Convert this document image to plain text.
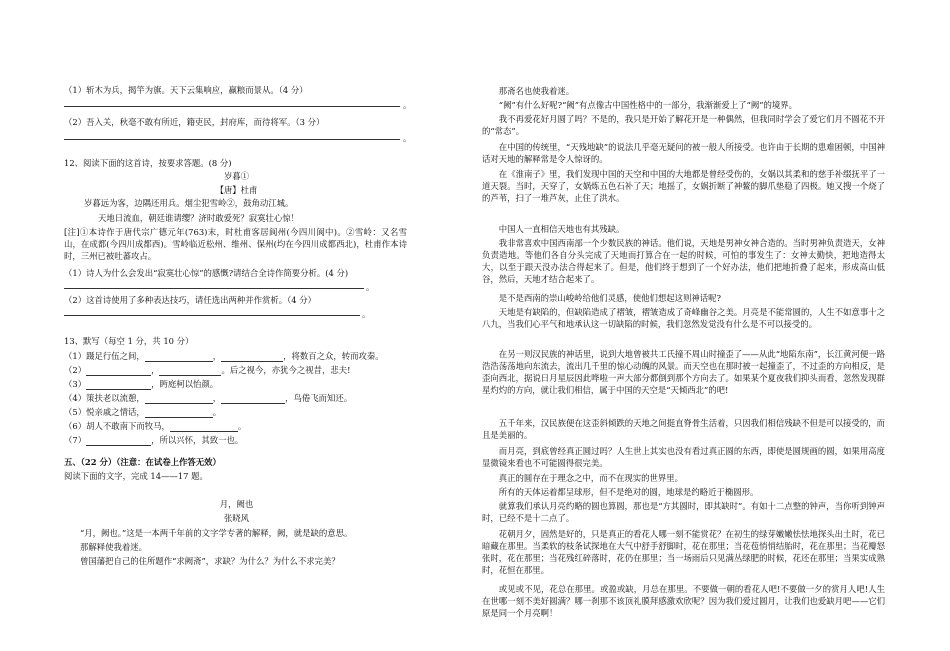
（1）斩木为兵，揭竿为旗。天下云集响应，赢粮而景从。（4 分）
。
（2）吾入关，秋毫不敢有所近，籍吏民，封府库，而待将军。（3 分）
。
12、阅读下面的这首诗，按要求答题。(8 分)
岁暮①
【唐】杜甫
岁暮远为客，边隅还用兵。烟尘犯雪岭②，鼓角动江城。
天地日流血，朝廷谁请缨？济时敢爱死？寂寞壮心惊！
[注]①本诗作于唐代宗广德元年(763)末，时杜甫客居阆州(今四川阆中)。②雪岭：又名雪山，在成都(今四川成都西)。雪岭临近松州、维州、保州(均在今四川成都西北)，杜甫作本诗时，三州已被吐蕃攻占。
（1）诗人为什么会发出“寂寞壮心惊”的感慨?请结合全诗作简要分析。(4 分)
。
（2）这首诗使用了多种表达技巧，请任选出两种并作赏析。（4 分）
。
13、默写（每空 1 分，共 10 分）
（1）蹑足行伍之间，	，	，将数百之众，转而攻秦。
（2）	，	。后之视今，亦犹今之视昔，悲夫!
（3）	，眄庭柯以怡颜。
（4）策扶老以流憩，	，	，鸟倦飞而知还。
（5）悦亲戚之情话，	。
（6）胡人不敢南下而牧马，	。
（7）	，所以兴怀，其致一也。
五、（22 分）（注意：在试卷上作答无效）
阅读下面的文字，完成 14——17 题。
月，阙也
张晓风
“月，阙也。”这是一本两千年前的文字学专著的解释，阙，就是缺的意思。
那解释使我着迷。
曾国藩把自己的住所题作“求阙斋”，求缺？为什么？为什么不求完美？
那斋名也使我着迷。
“阙”有什么好呢?“阙”有点像古中国性格中的一部分，我渐渐爱上了“阙”的境界。
我不再爱花好月圆了吗？不是的，我只是开始了解花开是一种偶然，但我同时学会了爱它们月不圆花不开的“常态”。
在中国的传统里，“天残地缺”的说法几乎毫无疑问的被一般人所接受。也许由于长期的患难困顿，中国神话对天地的解释常是令人惊讶的。
在《淮南子》里，我们发现中国的天空和中国的大地都是曾经受伤的，女娲以其柔和的慈手补缀抚平了一道天裂。当时，天穿了，女娲炼五色石补了天；地摇了，女娲折断了神鳌的脚爪垫稳了四极。她又搜一个烧了的芦苇，扫了一堆芦灰，止住了洪水。
中国人一直相信天地也有其残缺。
我非常喜欢中国西南部一个少数民族的神话。他们说，天地是男神女神合造的。当时男神负责造天，女神负责造地。等他们各自分头完成了天地而打算合在一起的时候，可怕的事发生了：女神太勤快，把地造得太大，以至于跟天没办法合得起来了。但是，他们终于想到了一个好办法，他们把地折叠了起来，形成高山低谷，然后，天地才结合起来了。
是不是西南的崇山峻岭给他们灵感，使他们想起这则神话呢?
天地是有缺陷的，但缺陷造成了褶皱，褶皱造成了奇峰幽谷之美。月亮是不能常圆的，人生不如意事十之八九，当我们心平气和地承认这一切缺陷的时候，我们忽然发觉没有什么是不可以接受的。
在另一则汉民族的神话里，说到大地曾被共工氏撞不周山时撞歪了——从此“地陷东南”，长江黄河便一路浩浩荡荡地向东流去，流出几千里的惊心动魄的风景。而天空也在那时被一起撞歪了，不过歪的方向相反，是歪向西北，据说日月星辰因此哗啦一声大部分都倒到那个方向去了。如果某个夏夜我们抑头而看，忽然发现群星灼灼的方向，就让我们相信，属于中国的天空是“天倾西北”的吧!
五千年来，汉民族便在这歪斜倾跌的天地之间挺直脊骨生活着，只因我们相信残缺不但是可以接受的，而且是美丽的。
而月亮，到底曾经真正圆过吗？人生世上其实也没有看过真正圆的东西，即使是圆规画的圆，如果用高度显微镜来看也不可能圆得很完美。
真正的圆存在于理念之中，而不在现实的世界里。
所有的天体运着都呈球形，但不是绝对的圆，地球是约略近于椭圆形。
就算我们承认月亮约略的圆也算圆，那也是“方其圆时，即其缺时”。有如十二点整的钟声，当你听到钟声时，已经不是十二点了。
花朝月夕，固然是好的，只是真正的看花人哪一刻不能赏花？在初生的绿芽嫩嫩怯怯地探头出土时，花已暗藏在那里。当柔软的枝条试探地在大气中舒手舒脚时，花在那里；当花苞悄悄结胎时，花在那里；当花瓣怒张时，花在那里；当花残红碎落时，花仍在那里；当一场雨后只见满丛绿肥的时候，花还在那里；当果实成熟时，花恒在那里。
或见或不见，花总在那里。或盈或缺，月总在那里。不要做一朝的看花人吧!不要做一夕的赏月人吧!人生在世哪一刻不美好圆满？哪一刹那不该顶礼膜拜感激欢欣呢？因为我们爱过圆月，让我们也爱缺月吧——它们原是同一个月亮啊！
